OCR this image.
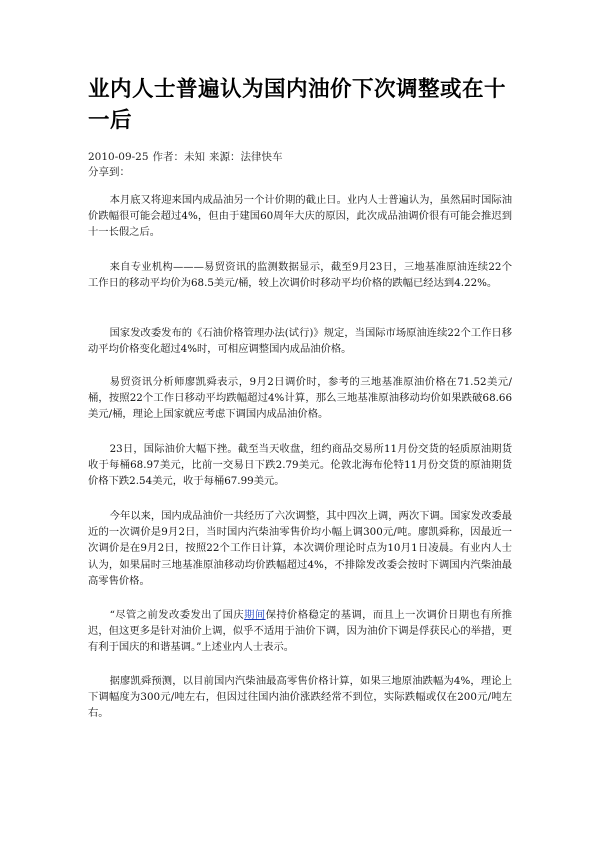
业内人士普遍认为国内油价下次调整或在十一后
2010-09-25 作者：未知 来源：法律快车
分享到：

本月底又将迎来国内成品油另一个计价期的截止日。业内人士普遍认为，虽然届时国际油价跌幅很可能会超过4%，但由于建国60周年大庆的原因，此次成品油调价很有可能会推迟到十一长假之后。

来自专业机构———易贸资讯的监测数据显示，截至9月23日，三地基准原油连续22个工作日的移动平均价为68.5美元/桶，较上次调价时移动平均价格的跌幅已经达到4.22%。

国家发改委发布的《石油价格管理办法(试行)》规定，当国际市场原油连续22个工作日移动平均价格变化超过4%时，可相应调整国内成品油价格。

易贸资讯分析师廖凯舜表示，9月2日调价时，参考的三地基准原油价格在71.52美元/桶，按照22个工作日移动平均跌幅超过4%计算，那么三地基准原油移动均价如果跌破68.66美元/桶，理论上国家就应考虑下调国内成品油价格。

23日，国际油价大幅下挫。截至当天收盘，纽约商品交易所11月份交货的轻质原油期货收于每桶68.97美元，比前一交易日下跌2.79美元。伦敦北海布伦特11月份交货的原油期货价格下跌2.54美元，收于每桶67.99美元。

今年以来，国内成品油价一共经历了六次调整，其中四次上调，两次下调。国家发改委最近的一次调价是9月2日，当时国内汽柴油零售价均小幅上调300元/吨。廖凯舜称，因最近一次调价是在9月2日，按照22个工作日计算，本次调价理论时点为10月1日凌晨。有业内人士认为，如果届时三地基准原油移动均价跌幅超过4%，不排除发改委会按时下调国内汽柴油最高零售价格。

“尽管之前发改委发出了国庆期间保持价格稳定的基调，而且上一次调价日期也有所推迟，但这更多是针对油价上调，似乎不适用于油价下调，因为油价下调是俘获民心的举措，更有利于国庆的和谐基调。”上述业内人士表示。

据廖凯舜预测，以目前国内汽柴油最高零售价格计算，如果三地原油跌幅为4%，理论上下调幅度为300元/吨左右，但因过往国内油价涨跌经常不到位，实际跌幅或仅在200元/吨左右。
